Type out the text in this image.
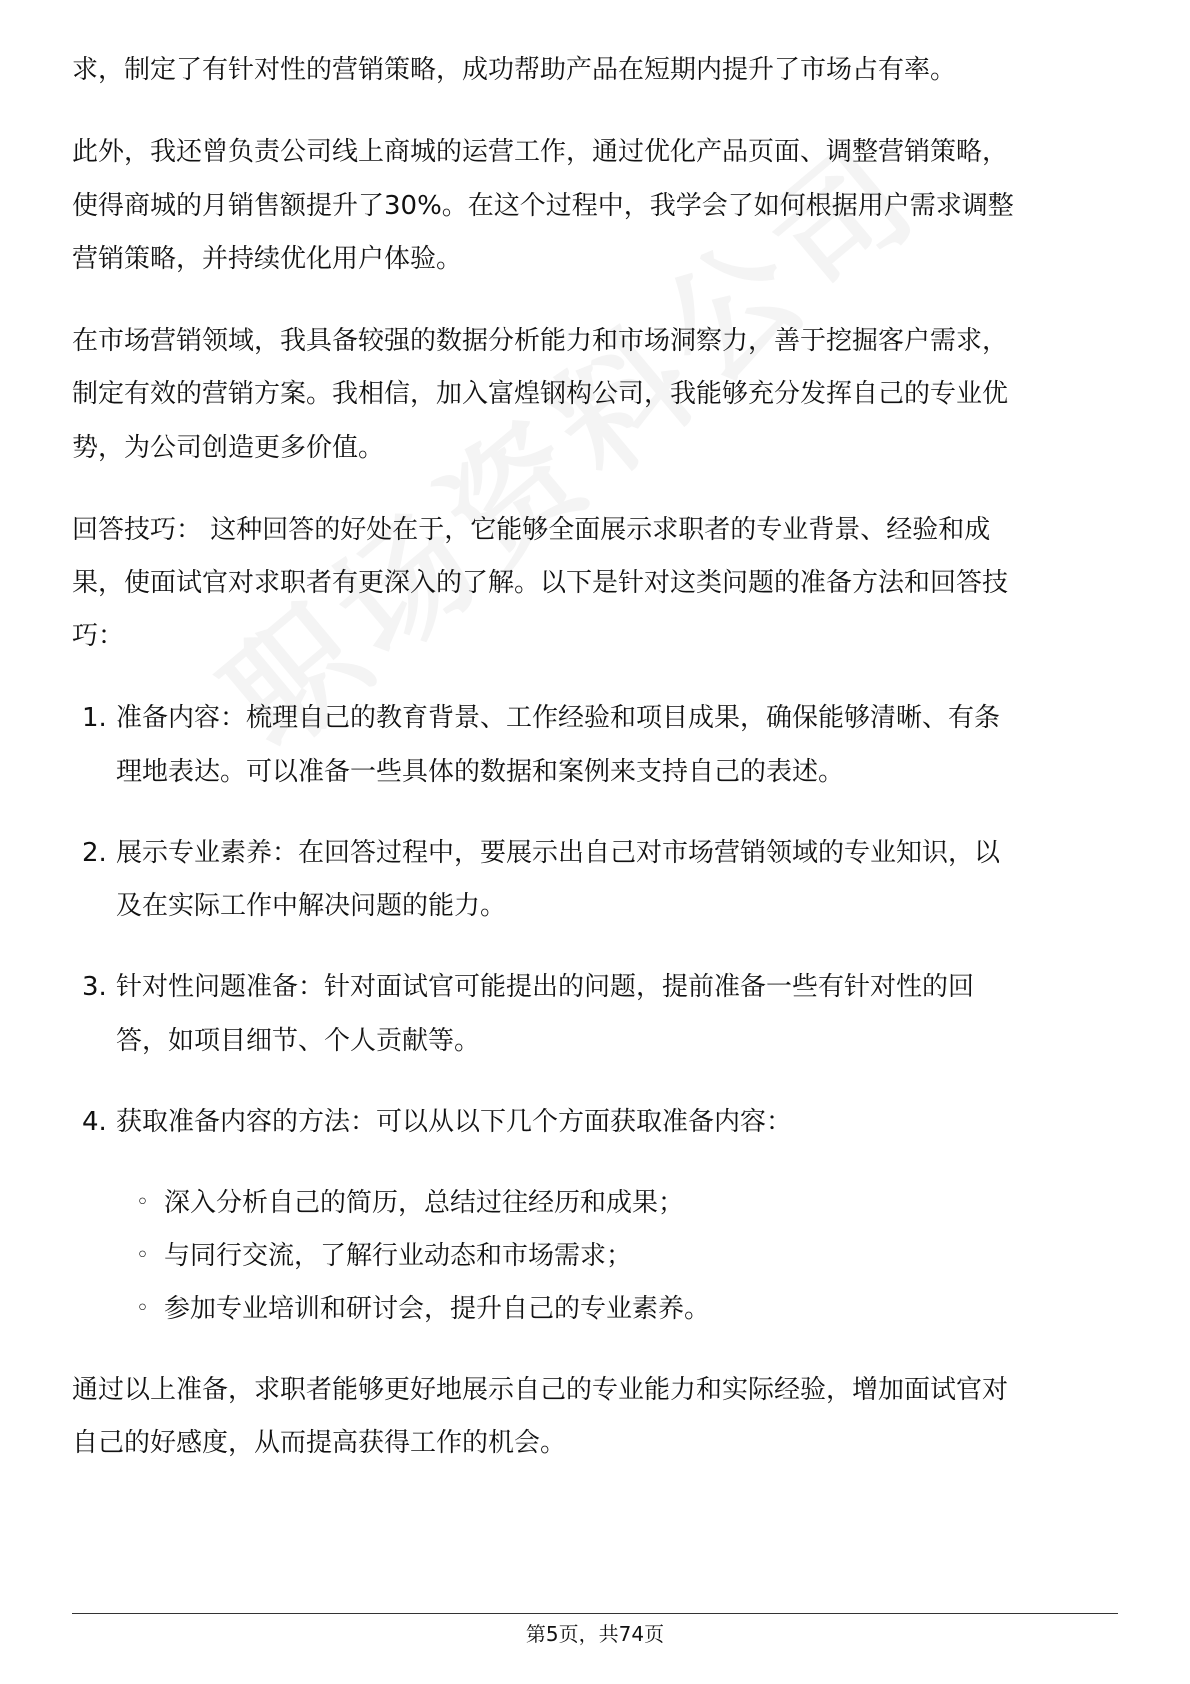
求，制定了有针对性的营销策略，成功帮助产品在短期内提升了市场占有率。
此外，我还曾负责公司线上商城的运营工作，通过优化产品页面、调整营销策略，
使得商城的月销售额提升了30%。在这个过程中，我学会了如何根据用户需求调整
营销策略，并持续优化用户体验。
在市场营销领域，我具备较强的数据分析能力和市场洞察力，善于挖掘客户需求，
制定有效的营销方案。我相信，加入富煌钢构公司，我能够充分发挥自己的专业优
势，为公司创造更多价值。
回答技巧： 这种回答的好处在于，它能够全面展示求职者的专业背景、经验和成
果，使面试官对求职者有更深入的了解。以下是针对这类问题的准备方法和回答技
巧：
1. 准备内容：梳理自己的教育背景、工作经验和项目成果，确保能够清晰、有条
理地表达。可以准备一些具体的数据和案例来支持自己的表述。
2. 展示专业素养：在回答过程中，要展示出自己对市场营销领域的专业知识，以
及在实际工作中解决问题的能力。
3. 针对性问题准备：针对面试官可能提出的问题，提前准备一些有针对性的回
答，如项目细节、个人贡献等。
4. 获取准备内容的方法：可以从以下几个方面获取准备内容：
◦ 深入分析自己的简历，总结过往经历和成果；
◦ 与同行交流，了解行业动态和市场需求；
◦ 参加专业培训和研讨会，提升自己的专业素养。
通过以上准备，求职者能够更好地展示自己的专业能力和实际经验，增加面试官对
自己的好感度，从而提高获得工作的机会。
第5页，共74页
